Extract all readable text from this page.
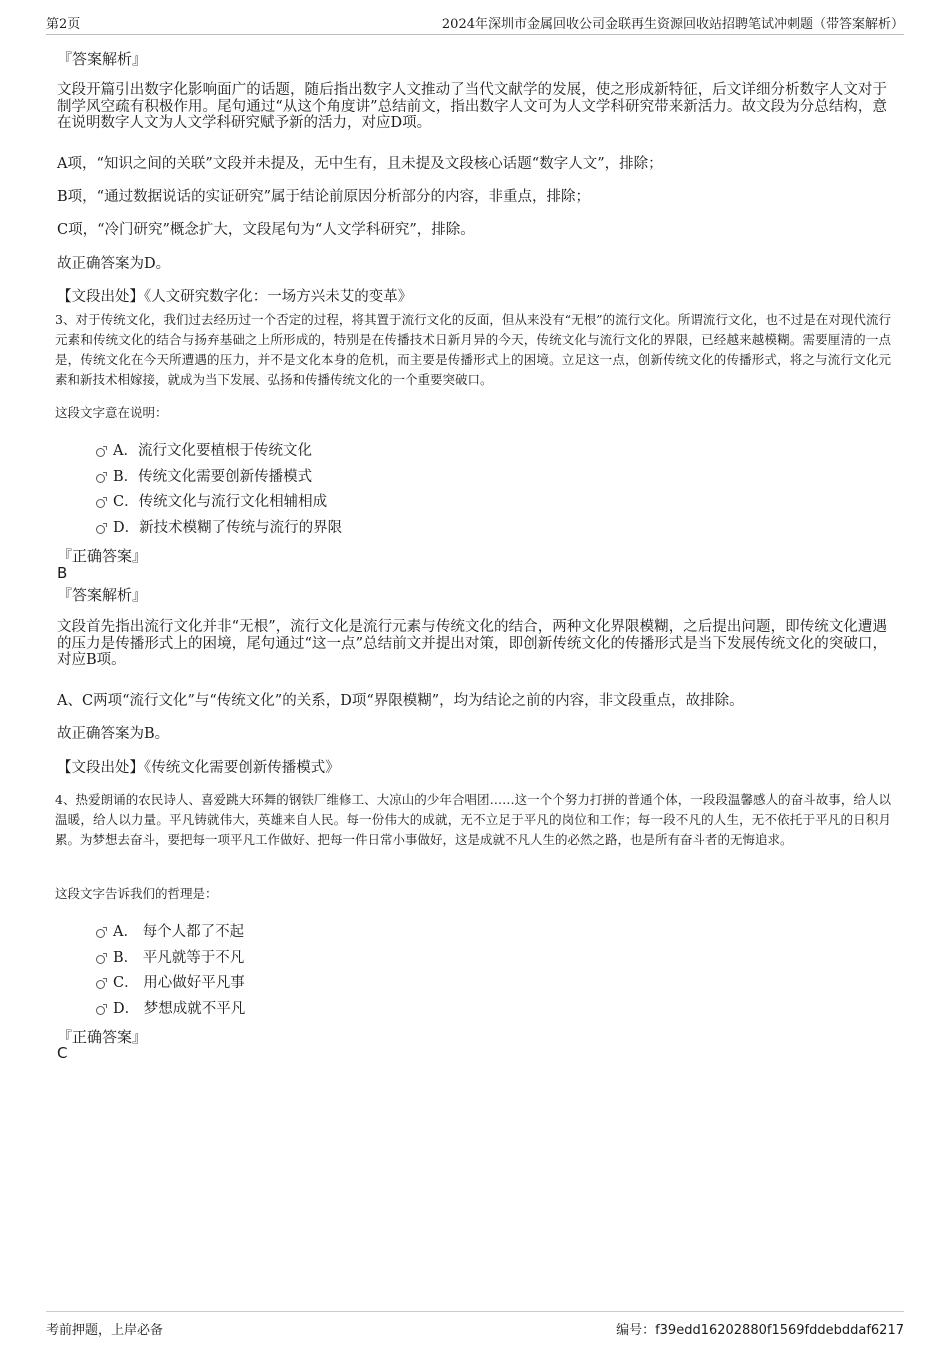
第2页	2024年深圳市金属回收公司金联再生资源回收站招聘笔试冲刺题（带答案解析）
『答案解析』

文段开篇引出数字化影响面广的话题，随后指出数字人文推动了当代文献学的发展，使之形成新特征，后文详细分析数字人文对于制学风空疏有积极作用。尾句通过“从这个角度讲”总结前文，指出数字人文可为人文学科研究带来新活力。故文段为分总结构，意在说明数字人文为人文学科研究赋予新的活力，对应D项。

A项，“知识之间的关联”文段并未提及，无中生有，且未提及文段核心话题“数字人文”，排除；
B项，“通过数据说话的实证研究”属于结论前原因分析部分的内容，非重点，排除；
C项，“冷门研究”概念扩大，文段尾句为“人文学科研究”，排除。
故正确答案为D。
【文段出处】《人文研究数字化：一场方兴未艾的变革》

3、对于传统文化，我们过去经历过一个否定的过程，将其置于流行文化的反面，但从来没有“无根”的流行文化。所谓流行文化，也不过是在对现代流行元素和传统文化的结合与扬弃基础之上所形成的，特别是在传播技术日新月异的今天，传统文化与流行文化的界限，已经越来越模糊。需要厘清的一点是，传统文化在今天所遭遇的压力，并不是文化本身的危机，而主要是传播形式上的困境。立足这一点，创新传统文化的传播形式，将之与流行文化元素和新技术相嫁接，就成为当下发展、弘扬和传播传统文化的一个重要突破口。

这段文字意在说明：
A．流行文化要植根于传统文化
B．传统文化需要创新传播模式
C．传统文化与流行文化相辅相成
D．新技术模糊了传统与流行的界限
『正确答案』
B
『答案解析』

文段首先指出流行文化并非“无根”，流行文化是流行元素与传统文化的结合，两种文化界限模糊，之后提出问题，即传统文化遭遇的压力是传播形式上的困境，尾句通过“这一点”总结前文并提出对策，即创新传统文化的传播形式是当下发展传统文化的突破口，对应B项。

A、C两项“流行文化”与“传统文化”的关系，D项“界限模糊”，均为结论之前的内容，非文段重点，故排除。
故正确答案为B。
【文段出处】《传统文化需要创新传播模式》

4、热爱朗诵的农民诗人、喜爱跳大环舞的钢铁厂维修工、大凉山的少年合唱团……这一个个努力打拼的普通个体，一段段温馨感人的奋斗故事，给人以温暖，给人以力量。平凡铸就伟大，英雄来自人民。每一份伟大的成就，无不立足于平凡的岗位和工作；每一段不凡的人生，无不依托于平凡的日积月累。为梦想去奋斗，要把每一项平凡工作做好、把每一件日常小事做好，这是成就不凡人生的必然之路，也是所有奋斗者的无悔追求。

这段文字告诉我们的哲理是：
A． 每个人都了不起
B． 平凡就等于不凡
C． 用心做好平凡事
D． 梦想成就不平凡
『正确答案』
C
考前押题，上岸必备	编号：f39edd16202880f1569fddebddaf6217
